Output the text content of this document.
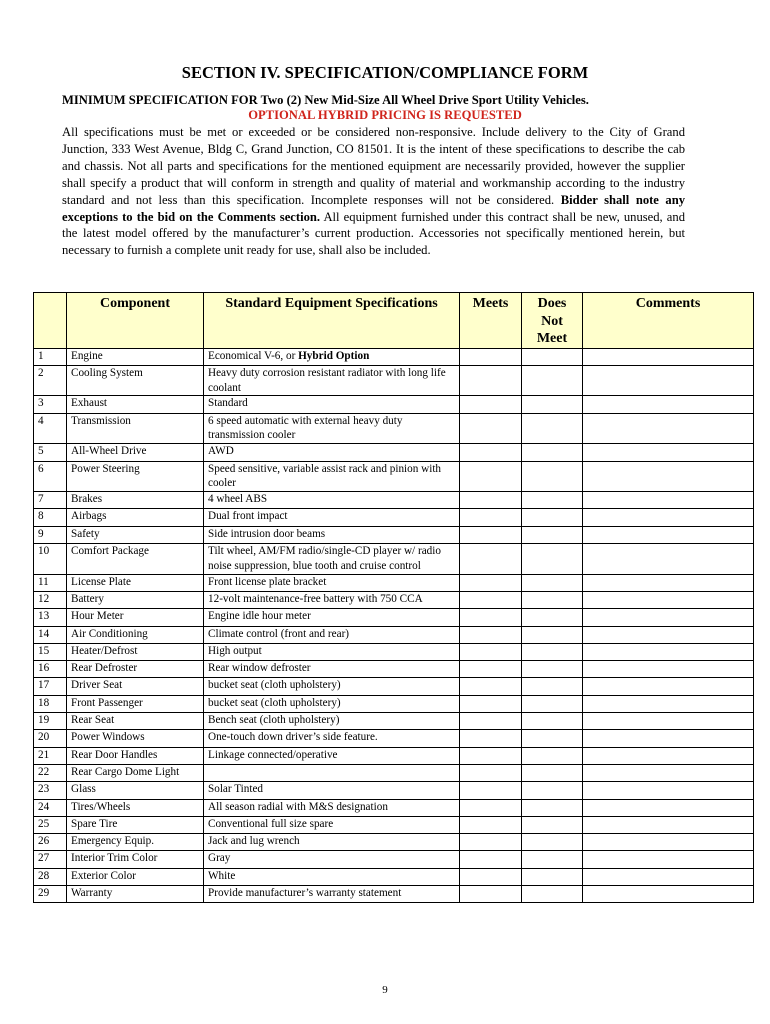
SECTION IV. SPECIFICATION/COMPLIANCE FORM
MINIMUM SPECIFICATION FOR Two (2) New Mid-Size All Wheel Drive Sport Utility Vehicles.
OPTIONAL HYBRID PRICING IS REQUESTED
All specifications must be met or exceeded or be considered non-responsive. Include delivery to the City of Grand Junction, 333 West Avenue, Bldg C, Grand Junction, CO 81501. It is the intent of these specifications to describe the cab and chassis. Not all parts and specifications for the mentioned equipment are necessarily provided, however the supplier shall specify a product that will conform in strength and quality of material and workmanship according to the industry standard and not less than this specification. Incomplete responses will not be considered. Bidder shall note any exceptions to the bid on the Comments section. All equipment furnished under this contract shall be new, unused, and the latest model offered by the manufacturer’s current production. Accessories not specifically mentioned herein, but necessary to furnish a complete unit ready for use, shall also be included.
	Component	Standard Equipment Specifications	Meets	Does Not Meet	Comments
1	Engine	Economical V-6, or Hybrid Option			
2	Cooling System	Heavy duty corrosion resistant radiator with long life coolant			
3	Exhaust	Standard			
4	Transmission	6 speed automatic with external heavy duty transmission cooler			
5	All-Wheel Drive	AWD			
6	Power Steering	Speed sensitive, variable assist rack and pinion with cooler			
7	Brakes	4 wheel ABS			
8	Airbags	Dual front impact			
9	Safety	Side intrusion door beams			
10	Comfort Package	Tilt wheel, AM/FM radio/single-CD player w/ radio noise suppression, blue tooth and cruise control			
11	License Plate	Front license plate bracket			
12	Battery	12-volt maintenance-free battery with 750 CCA			
13	Hour Meter	Engine idle hour meter			
14	Air Conditioning	Climate control (front and rear)			
15	Heater/Defrost	High output			
16	Rear Defroster	Rear window defroster			
17	Driver Seat	bucket seat (cloth upholstery)			
18	Front Passenger	bucket seat (cloth upholstery)			
19	Rear Seat	Bench seat (cloth upholstery)			
20	Power Windows	One-touch down driver’s side feature.			
21	Rear Door Handles	Linkage connected/operative			
22	Rear Cargo Dome Light				
23	Glass	Solar Tinted			
24	Tires/Wheels	All season radial with M&S designation			
25	Spare Tire	Conventional full size spare			
26	Emergency Equip.	Jack and lug wrench			
27	Interior Trim Color	Gray			
28	Exterior Color	White			
29	Warranty	Provide manufacturer’s warranty statement			
9
